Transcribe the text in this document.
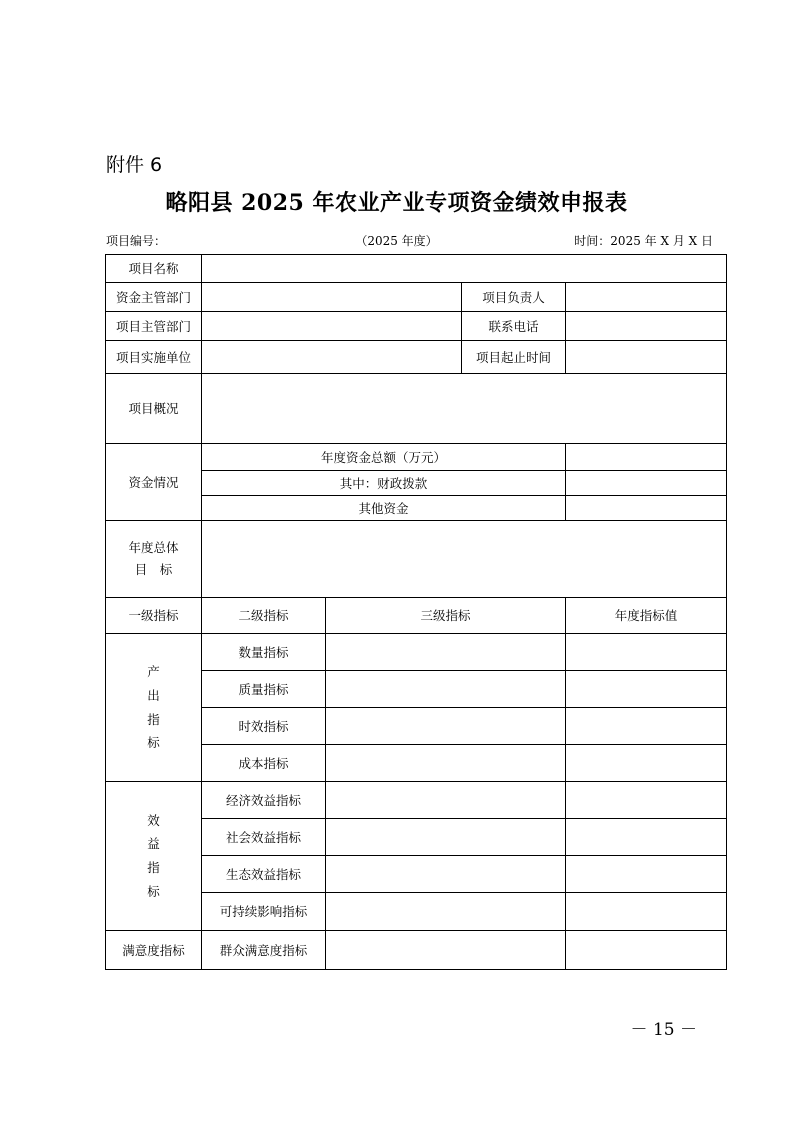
附件 6
略阳县 2025 年农业产业专项资金绩效申报表
项目编号：	（2025 年度）	时间：2025 年 X 月 X 日
项目名称				
资金主管部门			项目负责人	
项目主管部门			联系电话	
项目实施单位			项目起止时间	
项目概况				
资金情况	年度资金总额（万元）			
	其中：财政拨款			
	其他资金			

年度总体
目　标				

一级指标	二级指标	三级指标		年度指标值

产
出
指
标	数量指标			
	质量指标			
	时效指标			
	成本指标			

效
益
指
标	经济效益指标			
	社会效益指标			
	生态效益指标			
	可持续影响指标			
满意度指标	群众满意度指标			
－ 15 －
